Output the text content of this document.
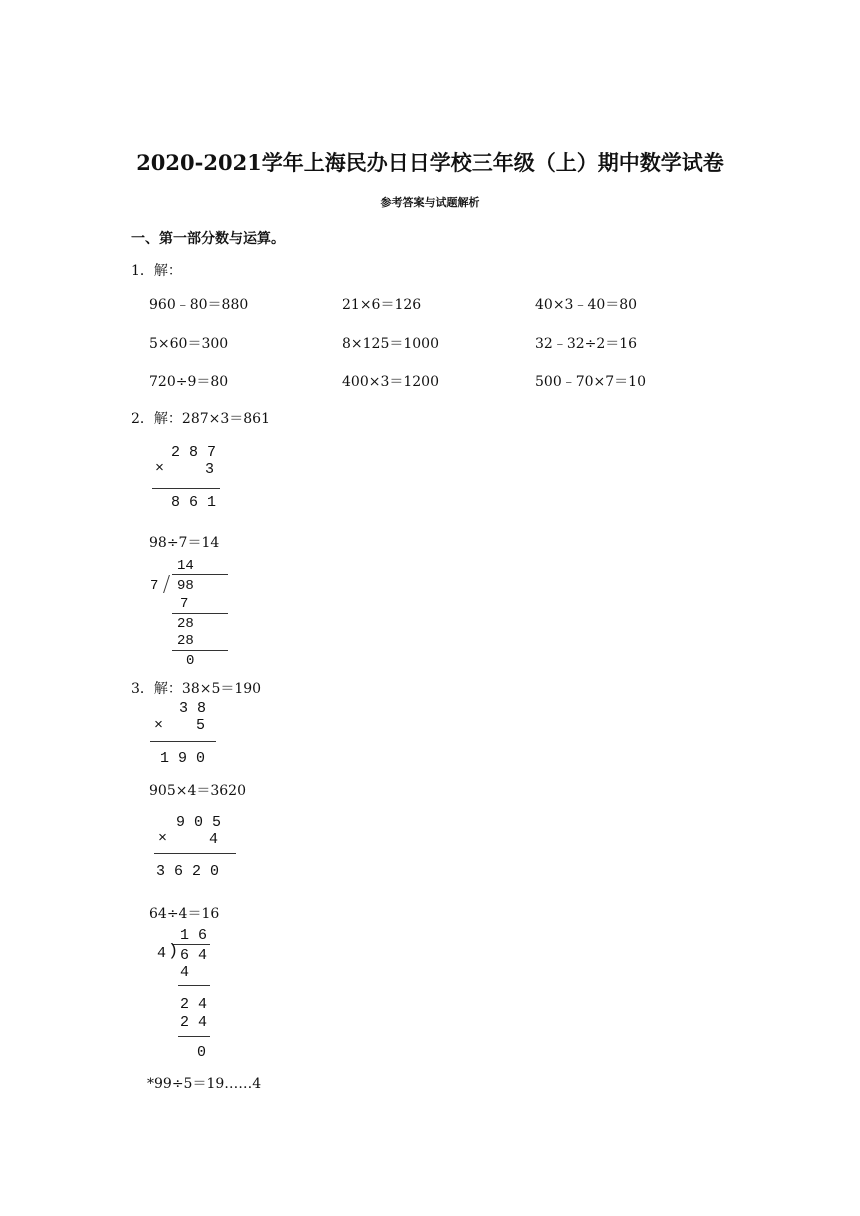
2020-2021学年上海民办日日学校三年级（上）期中数学试卷
参考答案与试题解析
一、第一部分数与运算。
1．解：
960﹣80＝880	21×6＝126	40×3﹣40＝80
5×60＝300	8×125＝1000	32﹣32÷2＝16
720÷9＝80	400×3＝1200	500﹣70×7＝10
2．解：287×3＝861
2 8 7
×	3
8 6 1
98÷7＝14
14
7 98
7
28
28
0
3．解：38×5＝190
3 8
× 5
1 9 0
905×4＝3620
9 0 5
×	4
3 6 2 0
64÷4＝16
1 6
4 ) 6 4
4
2 4
2 4
0
*99÷5＝19……4
